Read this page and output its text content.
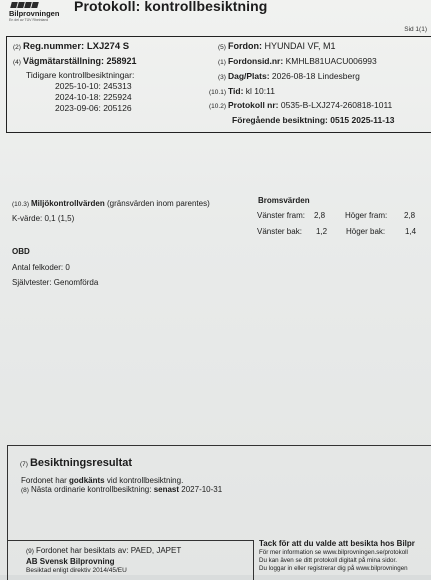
Bilprovningen
En del av TÜV Rheinland
Protokoll: kontrollbesiktning
Sid 1(1)
(2) Reg.nummer: LXJ274 S
(4) Vägmätarställning: 258921
Tidigare kontrollbesiktningar:
2025-10-10: 245313
2024-10-18: 225924
2023-09-06: 205126
(5) Fordon: HYUNDAI VF, M1
(1) Fordonsid.nr: KMHLB81UACU006993
(3) Dag/Plats: 2026-08-18 Lindesberg
(10.1) Tid: kl 10:11
(10.2) Protokoll nr: 0535-B-LXJ274-260818-1011
Föregående besiktning: 0515 2025-11-13
(10.3) Miljökontrollvärden (gränsvärden inom parentes)
K-värde: 0,1 (1,5)
Bromsvärden
Vänster fram: 2,8 Höger fram: 2,8
Vänster bak: 1,2 Höger bak: 1,4
OBD
Antal felkoder: 0
Självtester: Genomförda
(7) Besiktningsresultat
Fordonet har godkänts vid kontrollbesiktning.
(8) Nästa ordinarie kontrollbesiktning: senast 2027-10-31
(9) Fordonet har besiktats av: PAED, JAPET
AB Svensk Bilprovning
Besiktad enligt direktiv 2014/45/EU
Tack för att du valde att besikta hos Bilpr
För mer information se www.bilprovningen.se/protokoll
Du kan även se ditt protokoll digitalt på mina sidor.
Du loggar in eller registrerar dig på www.bilprovningen
